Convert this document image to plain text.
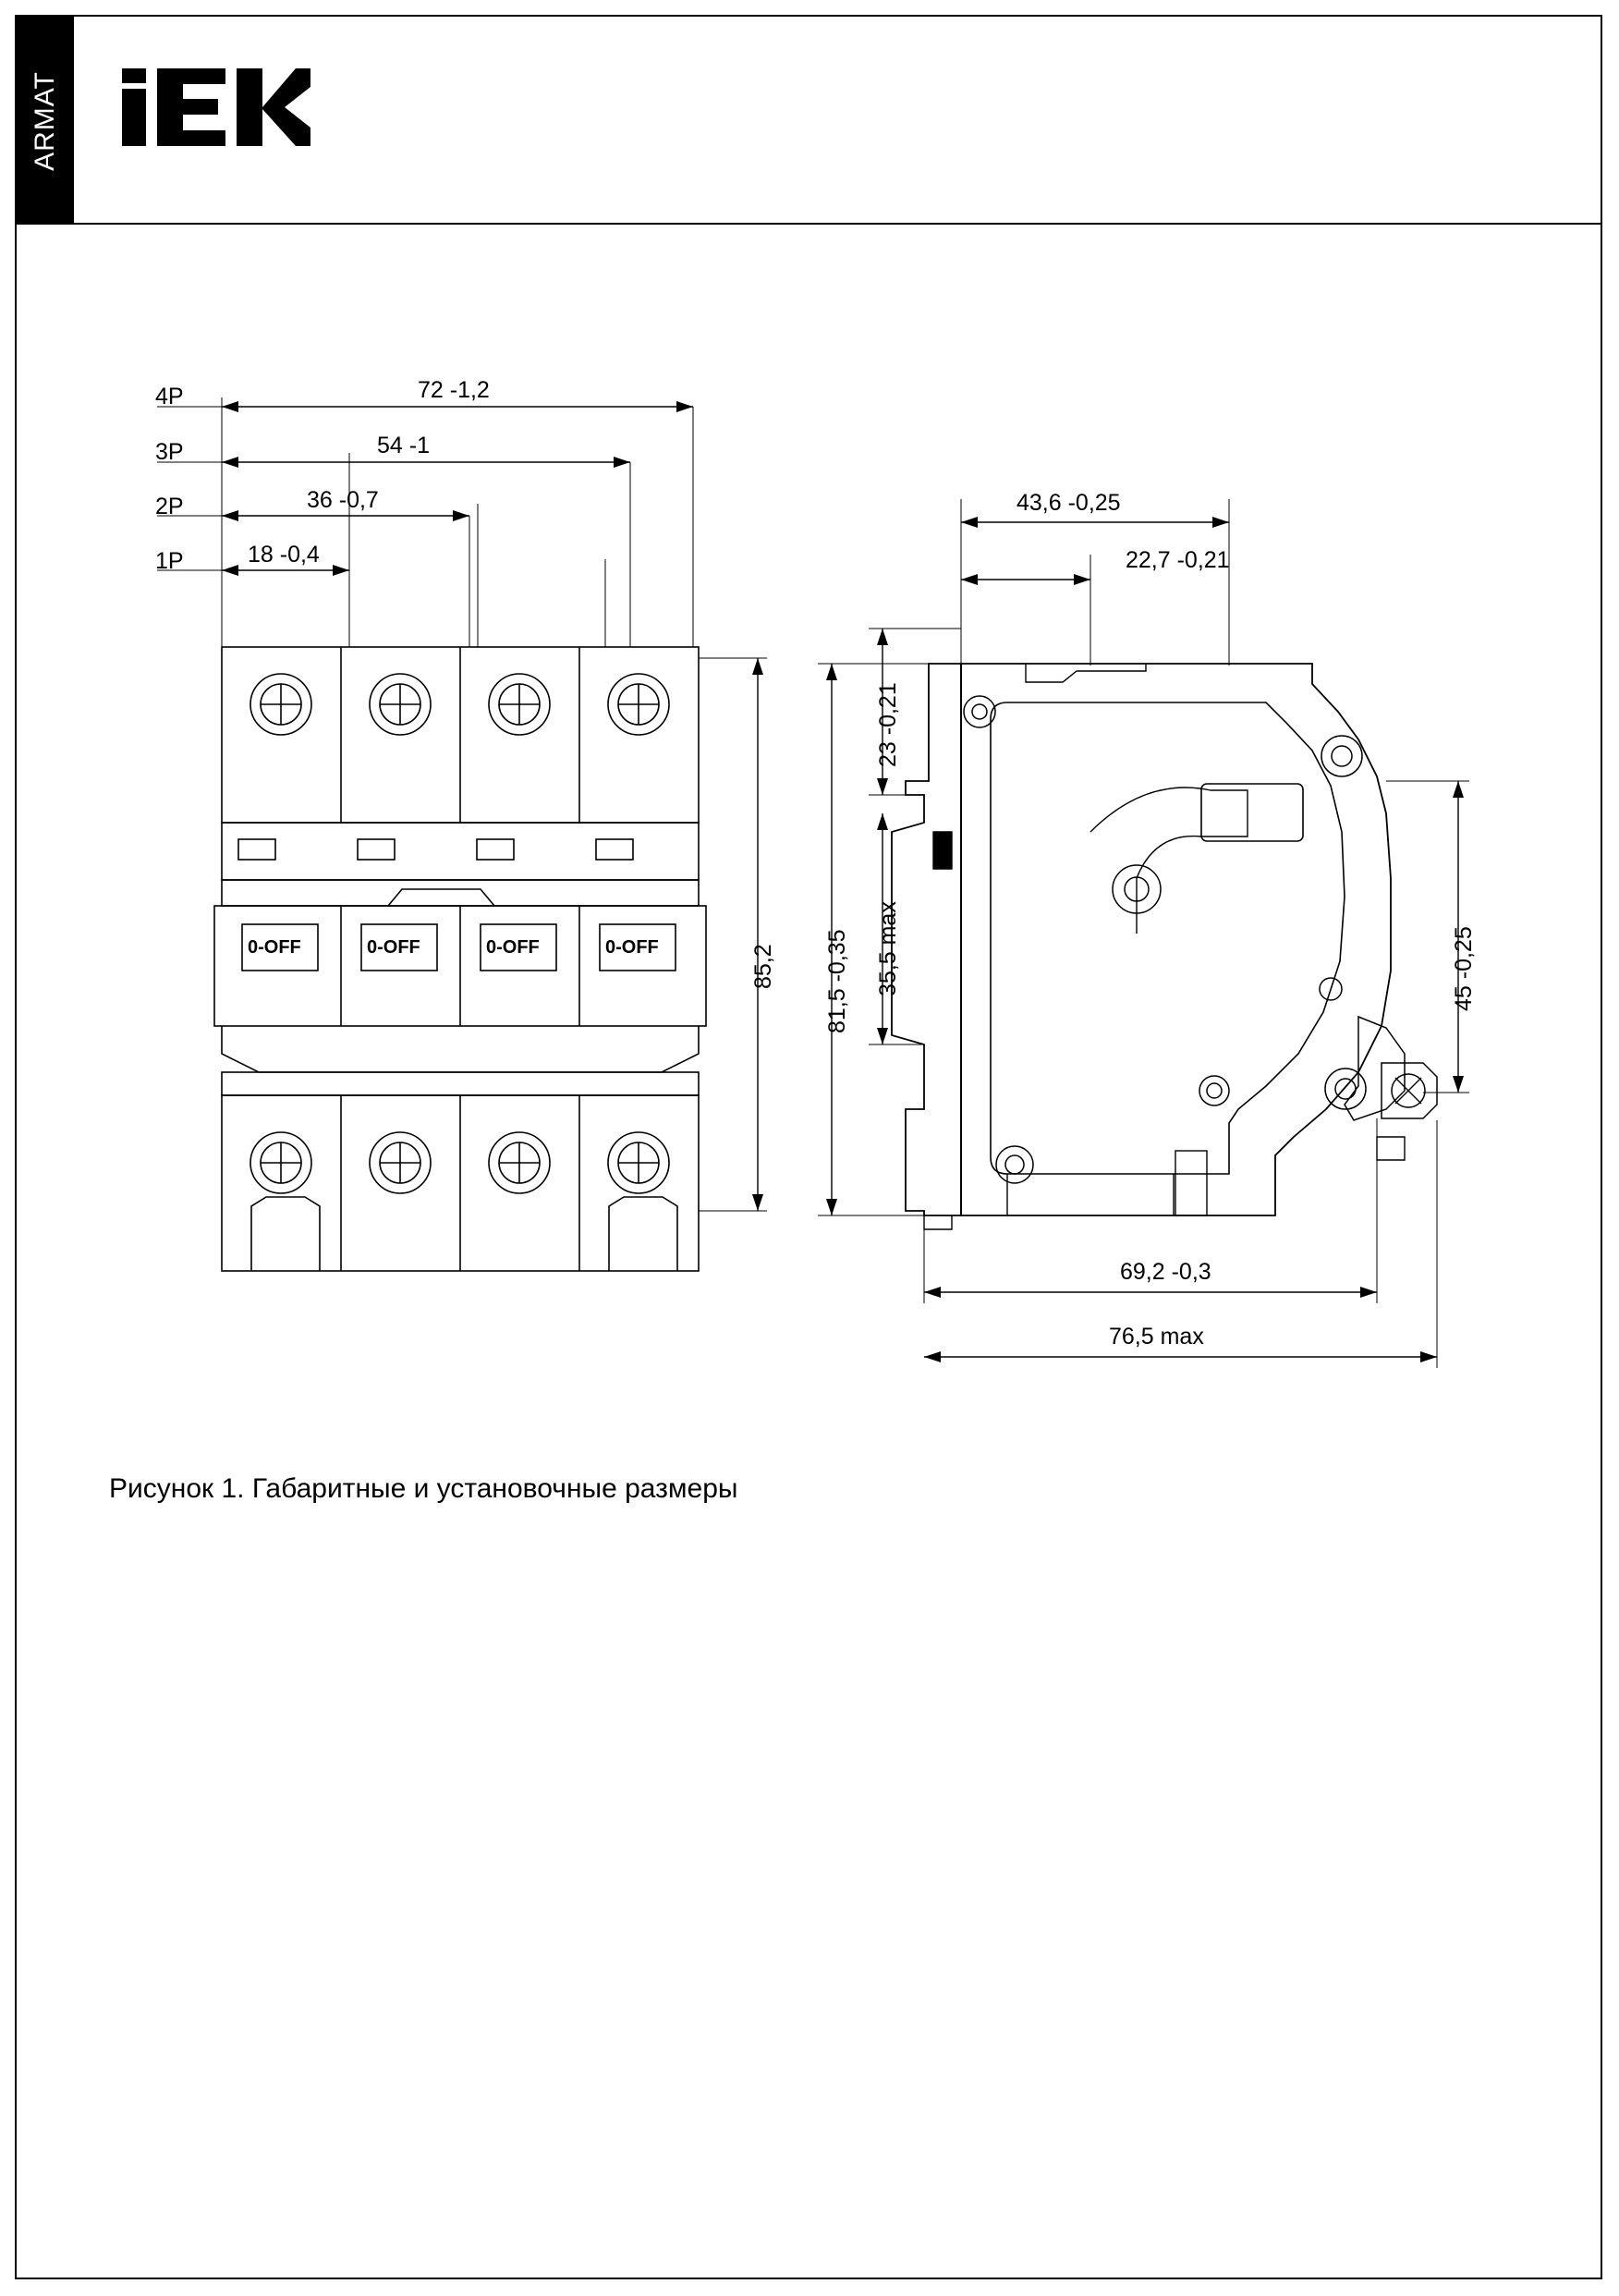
ARMAT
4P
3P
2P
1P
72 -1,2
54 -1
36 -0,7
18 -0,4
0-OFF	0-OFF	0-OFF	0-OFF	85,2
43,6 -0,25
22,7 -0,21
23 -0,21
35,5 max
81,5 -0,35	45 -0,25
69,2 -0,3
76,5 max
Рисунок 1. Габаритные и установочные размеры
